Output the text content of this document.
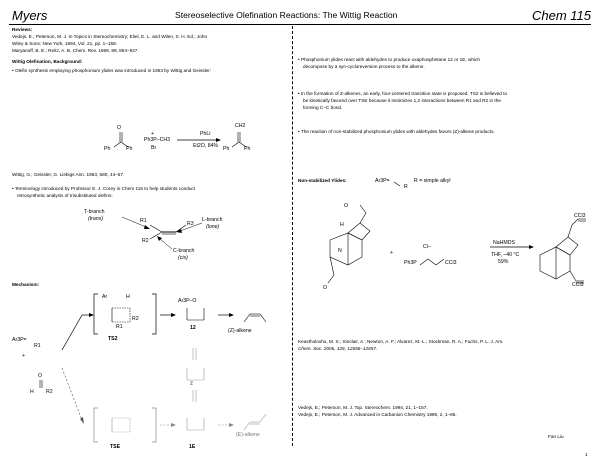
Myers	Stereoselective Olefination Reactions: The Wittig Reaction	Chem 115
Reviews:
Vedejs, E.; Peterson, M. J. In Topics in Stereochemistry; Eliel, E. L. and Wilen, S. H. Ed.; John
Wiley & Sons: New York, 1994, Vol. 21, pp. 1–158.
Maryanoff, B. E.; Reitz, A. B. Chem. Rev. 1989, 89, 863–927.
Wittig Olefination, Background:
• Olefin synthesis employing phosphonium ylides was introduced in 1953 by Wittig and Geissler:
O
Ph	Ph
+
Ph3P–CH3
Br
PhLi
Et2O, 84%
CH2
Ph	Ph
Wittig, G.; Geissler, G. Liebigs Ann. 1953, 580, 44–57.
• Terminology introduced by Professor E. J. Corey in Chem 115 to help students conduct
retrosynthetic analysis of trisubstituted olefins:
T-branch
(trans)	L-branch
(lone)
C-branch
(cis)
R1
R2
R3
Mechanism:
Ar3P=
R1
+
O
H R2
Ar	H
R1
R2
TS2
Ar3P–O
12	(Z)-alkene
2
TSE	1E
(E)-alkene
• Phosphonium ylides react with aldehydes to produce oxaphosphetane 12 or 1E, which
decompose by a syn-cycloreversion process to the alkene.
• In the formation of Z-alkenes, an early, four-centered transition state is proposed. TS2 is believed to
be kinetically favored over TSE because it minimizes 1,2 interactions between R1 and R2 in the
forming C–C bond.
• The reaction of non-stabilized phosphonium ylides with aldehydes favors (Z)-alkene products.
Non-stabilized Ylides:	Ar3P=
R
R = simple alkyl
O
H
N
O
+
Cl–
Ph3P	CCl3
NaHMDS
THF, –40 °C
59%
CCl3
CCl3
Keastholovhu, M. S.; Sinclair, A.; Newton, A. F.; Alvarez, M.-L.; Stockman, R. A.; Fuchs, P. L. J. Am.
Chem. Soc. 2006, 128, 12656–12657.
Vedejs, E.; Peterson, M. J. Top. Stereochem. 1994, 21, 1–157.
Vedejs, E.; Peterson, M. J. Advanced in Carbanion Chemistry 1996, 2, 1–85.
Fan Liu
1
